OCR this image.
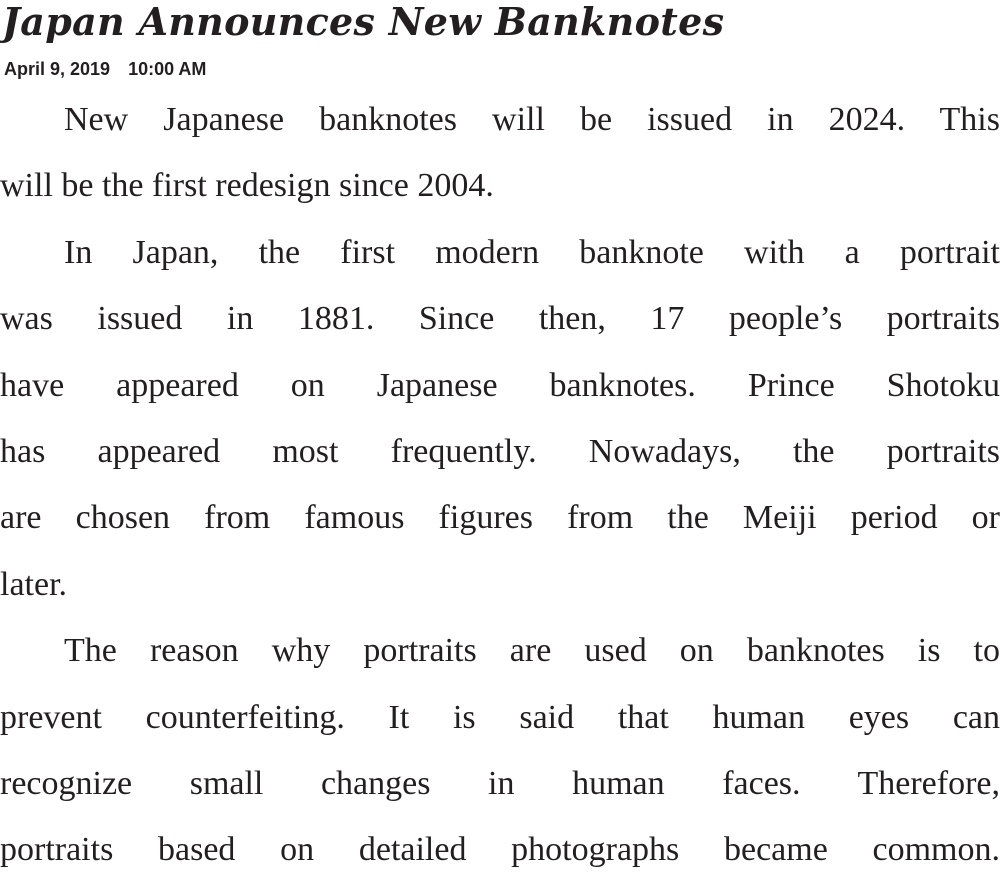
Japan Announces New Banknotes
April 9, 2019 10:00 AM
New Japanese banknotes will be issued in 2024. This
will be the first redesign since 2004.
In Japan, the first modern banknote with a portrait
was issued in 1881. Since then, 17 people’s portraits
have appeared on Japanese banknotes. Prince Shotoku
has appeared most frequently. Nowadays, the portraits
are chosen from famous figures from the Meiji period or
later.
The reason why portraits are used on banknotes is to
prevent counterfeiting. It is said that human eyes can
recognize small changes in human faces. Therefore,
portraits based on detailed photographs became common.
